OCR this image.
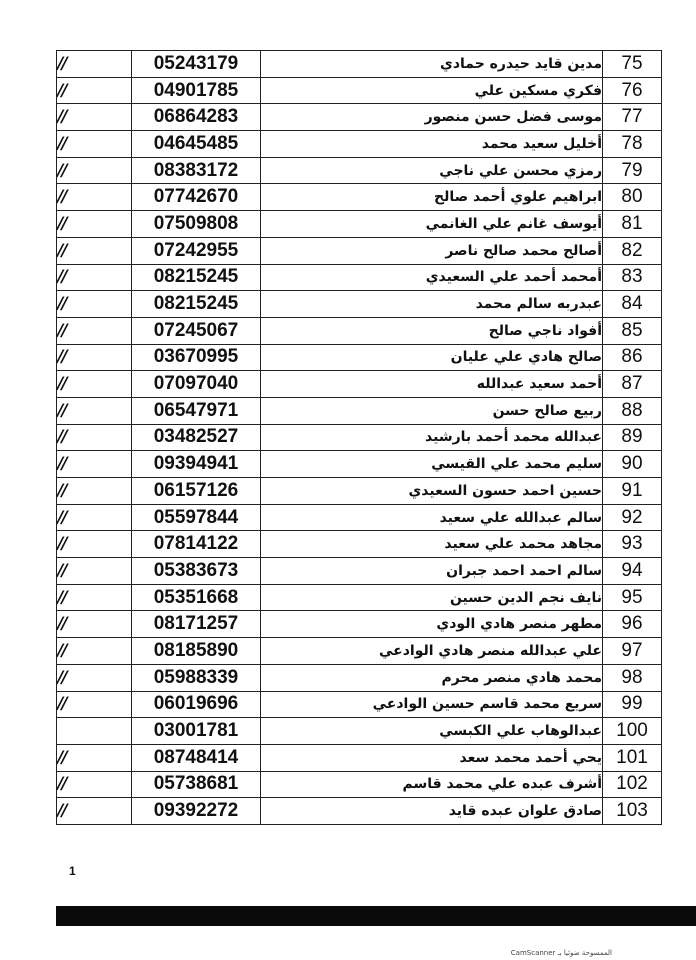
//	05243179	مدين قايد حيدره حمادي	75
//	04901785	فكري مسكين علي	76
//	06864283	موسى فضل حسن منصور	77
//	04645485	أخليل سعيد محمد	78
//	08383172	رمزي محسن علي ناجي	79
//	07742670	ابراهيم علوي أحمد صالح	80
//	07509808	أيوسف غانم علي الغانمي	81
//	07242955	أصالح محمد صالح ناصر	82
//	08215245	أمحمد أحمد علي السعيدي	83
//	08215245	عبدربه سالم محمد	84
//	07245067	أفواد ناجي صالح	85
//	03670995	صالح هادي علي عليان	86
//	07097040	أحمد سعيد عبدالله	87
//	06547971	ربيع صالح حسن	88
//	03482527	عبدالله محمد أحمد بارشيد	89
//	09394941	سليم محمد علي القيسي	90
//	06157126	حسين احمد حسون السعيدي	91
//	05597844	سالم عبدالله علي سعيد	92
//	07814122	مجاهد محمد علي سعيد	93
//	05383673	سالم احمد احمد جبران	94
//	05351668	نايف نجم الدين حسين	95
//	08171257	مطهر منصر هادي الودي	96
//	08185890	علي عبدالله منصر هادي الوادعي	97
//	05988339	محمد هادي منصر محرم	98
//	06019696	سريع محمد قاسم حسين الوادعي	99
	03001781	عبدالوهاب علي الكبسي	100
//	08748414	يحي أحمد محمد سعد	101
//	05738681	أشرف عبده علي محمد قاسم	102
//	09392272	صادق علوان عبده قايد	103
1
CamScanner الممسوحة ضوئيا بـ
